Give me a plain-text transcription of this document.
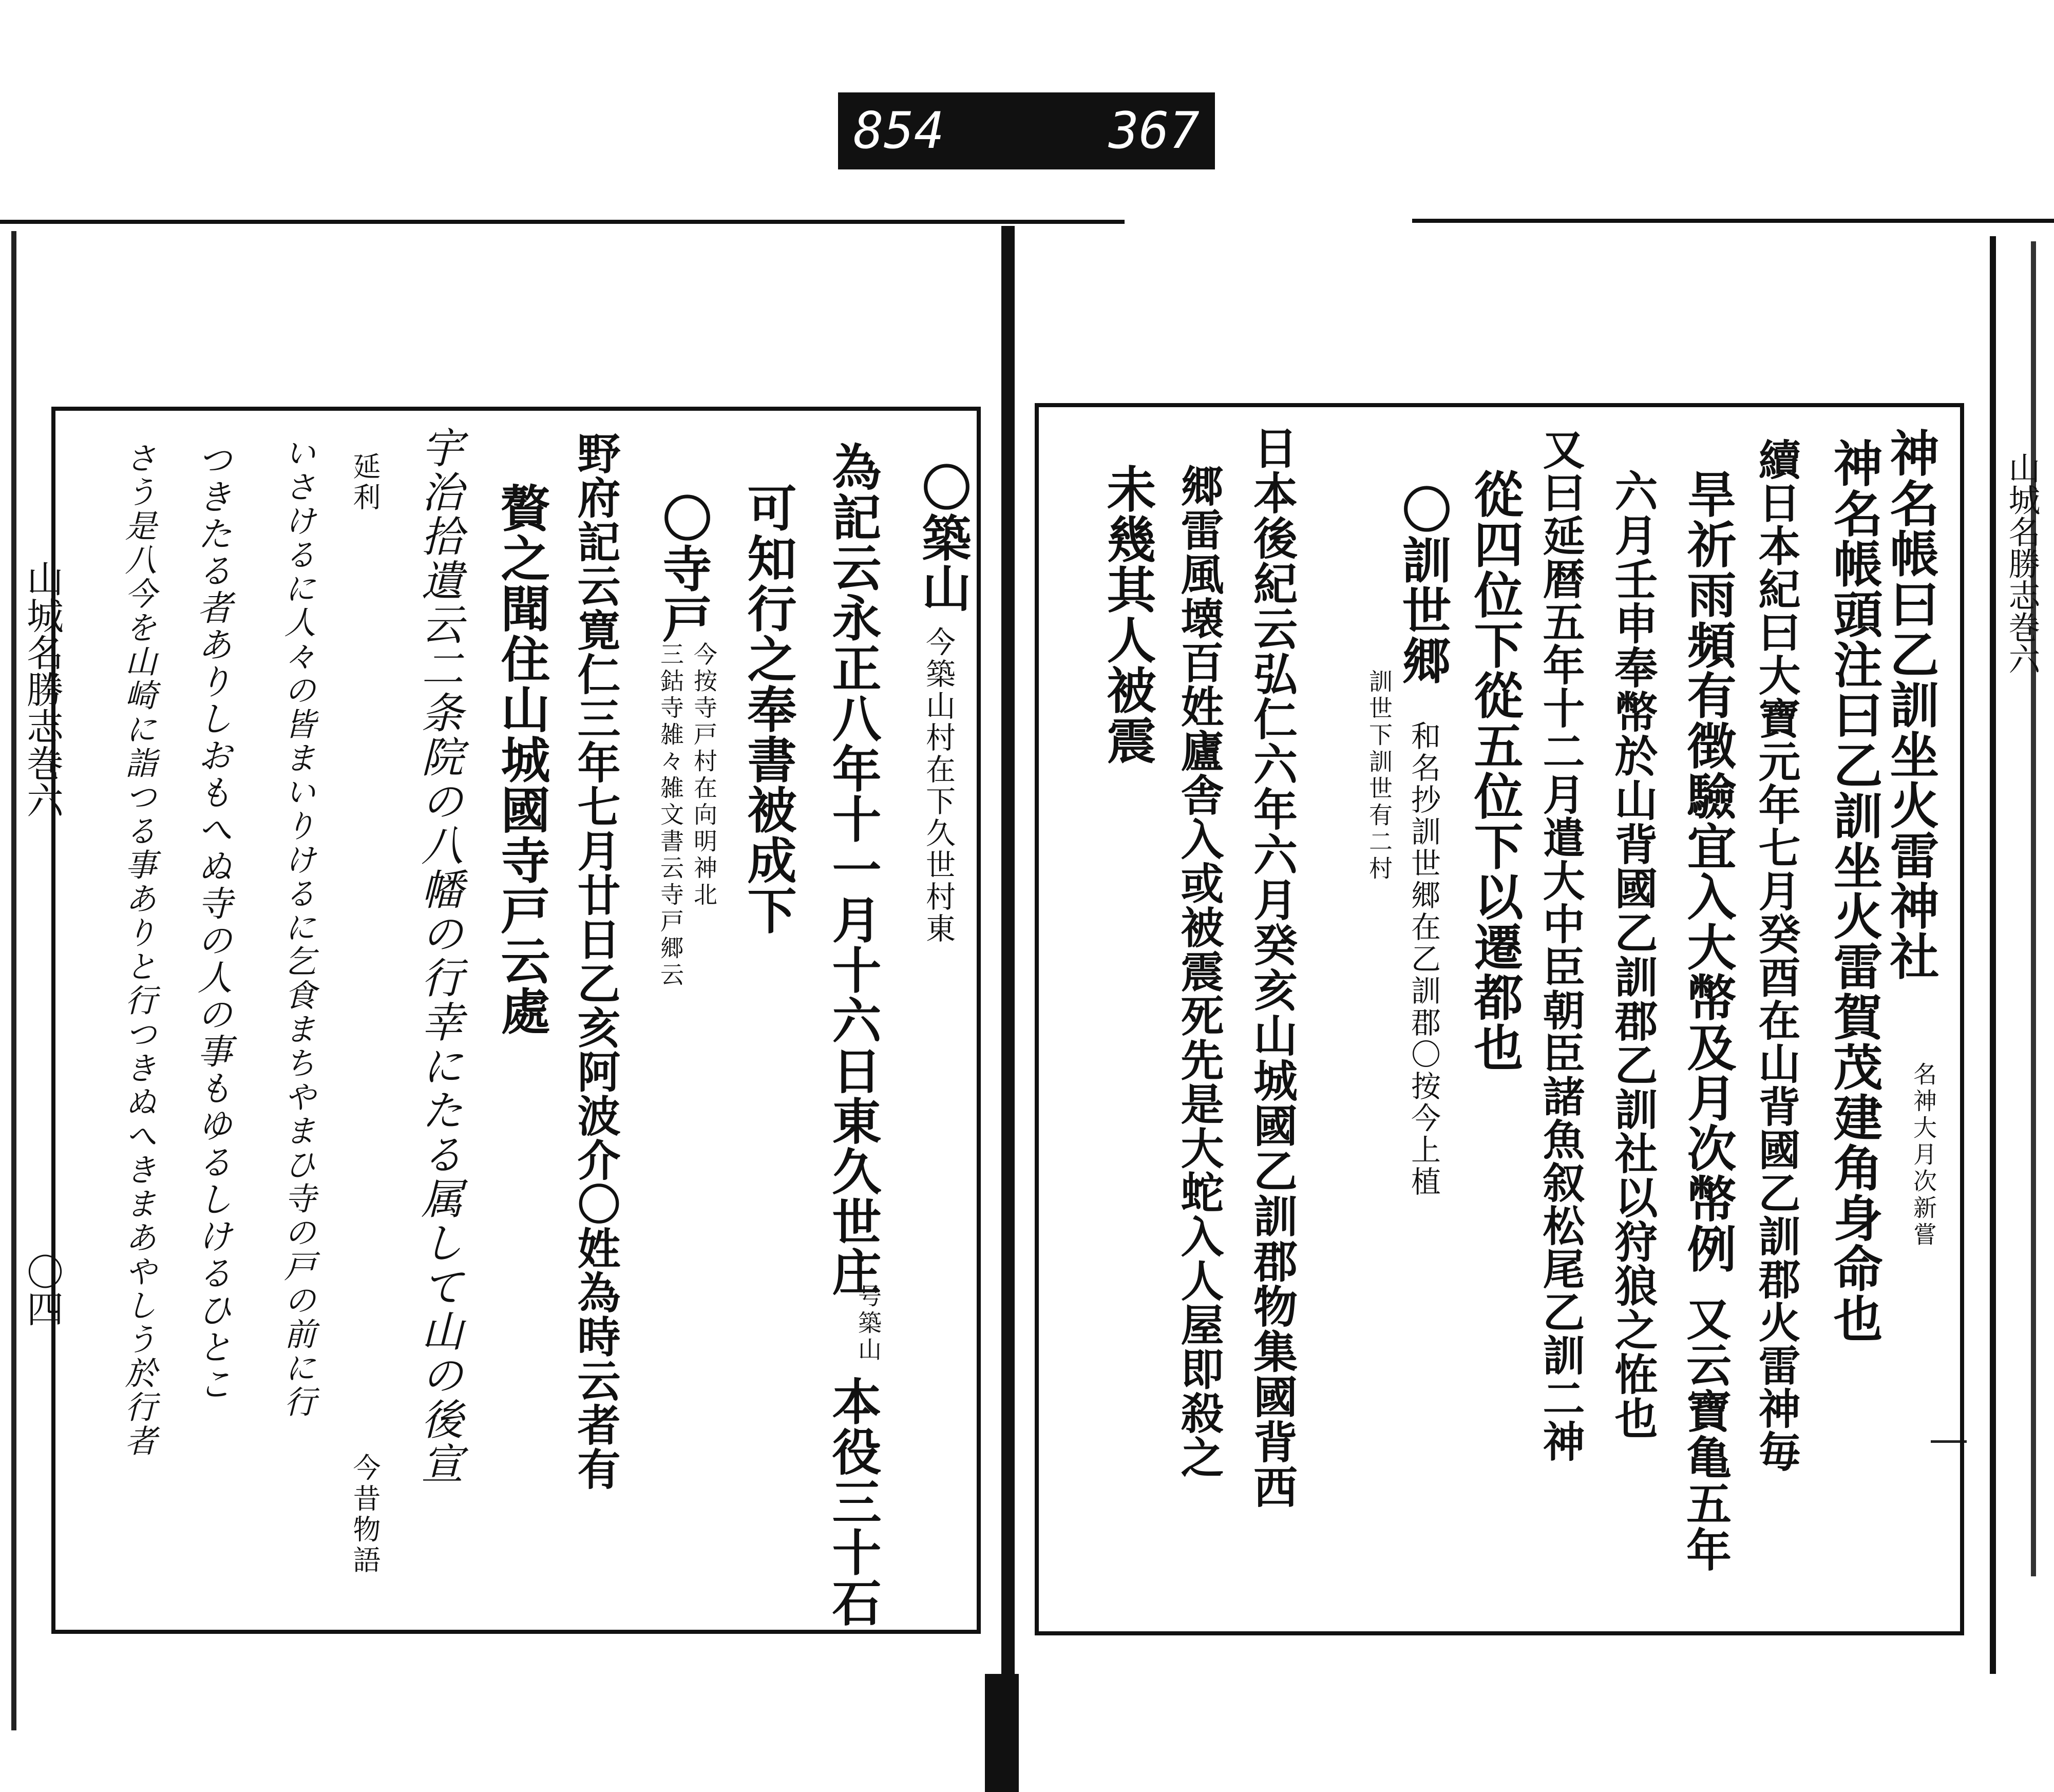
854	367
山城名勝志巻六
〇四
山城名勝志巻六
神名帳曰乙訓坐火雷神社
名神大月次新嘗
神名帳頭注曰乙訓坐火雷賀茂建角身命也
續日本紀曰大寶元年七月癸酉在山背國乙訓郡火雷神毎
旱祈雨頻有徴驗宜入大幣及月次幣例
又云寶亀五年
六月壬申奉幣於山背國乙訓郡乙訓社以狩狼之恠也
又曰延暦五年十二月遣大中臣朝臣諸魚叙松尾乙訓二神
從四位下從五位下以遷都也
〇訓世郷
和名抄訓世郷在乙訓郡〇按今上植
訓世下訓世有二村
日本後紀云弘仁六年六月癸亥山城國乙訓郡物集國背西
郷雷風壊百姓廬舎入或被震死先是大蛇入人屋即殺之
未幾其人被震
〇築山
今築山村在下久世村東
為記云永正八年十一月十六日東久世庄
号築山
本役三十石
可知行之奉書被成下
〇寺戸
今按寺戸村在向明神北
三鈷寺雑々雑文書云寺戸郷云
野府記云寛仁三年七月廿日乙亥阿波介〇姓為時云者有
贅之聞住山城國寺戸云處
宇治拾遺云二条院の八幡の行幸にたる属して山の後宣
延利
今昔物語
いさけるに人々の皆まいりけるに乞食まちやまひ寺の戸の前に行
つきたる者ありしおもへぬ寺の人の事もゆるしけるひとこ
さう是八今を山崎に詣つる事ありと行つきぬへきまあやしう於行者
